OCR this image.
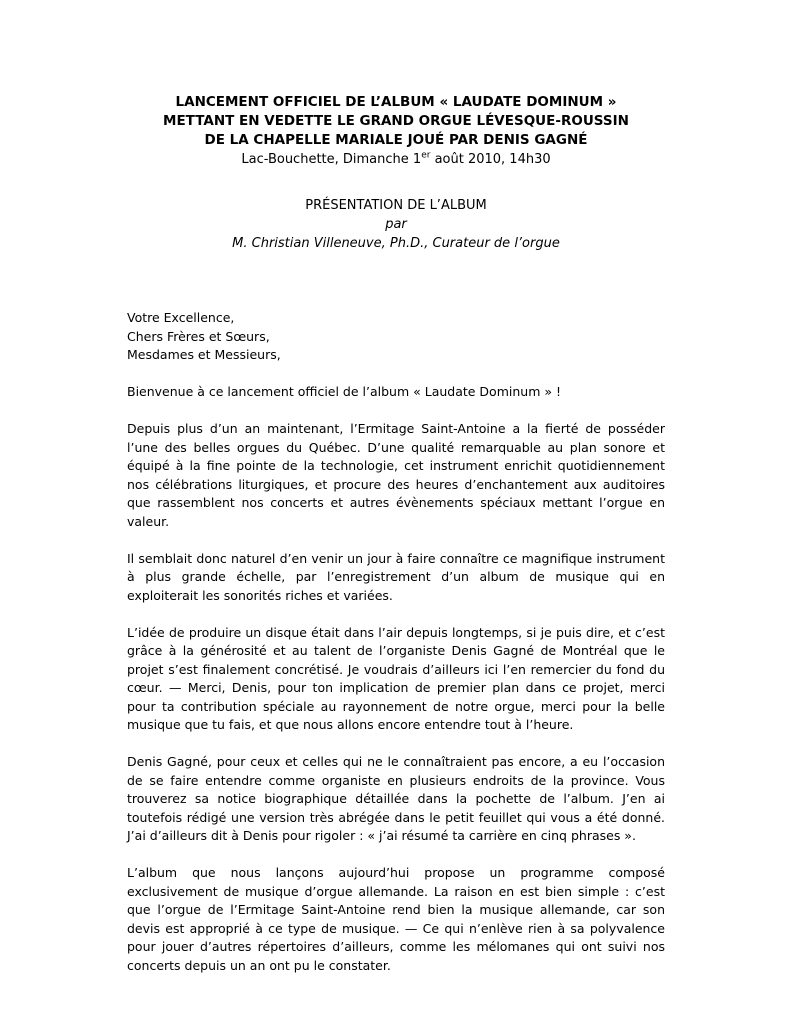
LANCEMENT OFFICIEL DE L’ALBUM « LAUDATE DOMINUM »
METTANT EN VEDETTE LE GRAND ORGUE LÉVESQUE-ROUSSIN
DE LA CHAPELLE MARIALE JOUÉ PAR DENIS GAGNÉ
Lac-Bouchette, Dimanche 1er août 2010, 14h30
PRÉSENTATION DE L’ALBUM
par
M. Christian Villeneuve, Ph.D., Curateur de l’orgue
Votre Excellence,
Chers Frères et Sœurs,
Mesdames et Messieurs,

Bienvenue à ce lancement officiel de l’album « Laudate Dominum » !

Depuis plus d’un an maintenant, l’Ermitage Saint-Antoine a la fierté de posséder l’une des belles orgues du Québec. D’une qualité remarquable au plan sonore et équipé à la fine pointe de la technologie, cet instrument enrichit quotidiennement nos célébrations liturgiques, et procure des heures d’enchantement aux auditoires que rassemblent nos concerts et autres évènements spéciaux mettant l’orgue en valeur.

Il semblait donc naturel d’en venir un jour à faire connaître ce magnifique instrument à plus grande échelle, par l’enregistrement d’un album de musique qui en exploiterait les sonorités riches et variées.

L’idée de produire un disque était dans l’air depuis longtemps, si je puis dire, et c’est grâce à la générosité et au talent de l’organiste Denis Gagné de Montréal que le projet s’est finalement concrétisé. Je voudrais d’ailleurs ici l’en remercier du fond du cœur. — Merci, Denis, pour ton implication de premier plan dans ce projet, merci pour ta contribution spéciale au rayonnement de notre orgue, merci pour la belle musique que tu fais, et que nous allons encore entendre tout à l’heure.

Denis Gagné, pour ceux et celles qui ne le connaîtraient pas encore, a eu l’occasion de se faire entendre comme organiste en plusieurs endroits de la province. Vous trouverez sa notice biographique détaillée dans la pochette de l’album. J’en ai toutefois rédigé une version très abrégée dans le petit feuillet qui vous a été donné. J’ai d’ailleurs dit à Denis pour rigoler : « j’ai résumé ta carrière en cinq phrases ».

L’album que nous lançons aujourd’hui propose un programme composé exclusivement de musique d’orgue allemande. La raison en est bien simple : c’est que l’orgue de l’Ermitage Saint-Antoine rend bien la musique allemande, car son devis est approprié à ce type de musique. — Ce qui n’enlève rien à sa polyvalence pour jouer d’autres répertoires d’ailleurs, comme les mélomanes qui ont suivi nos concerts depuis un an ont pu le constater.
